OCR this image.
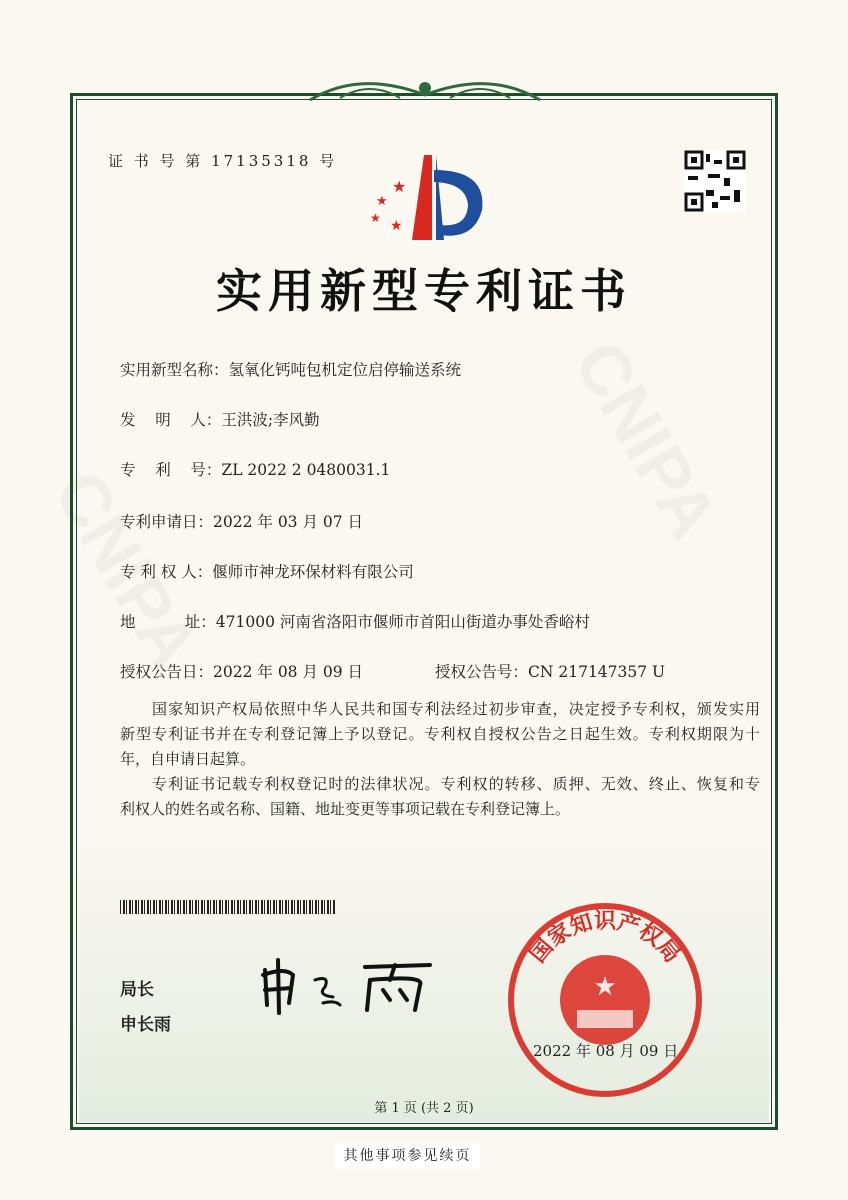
证 书 号 第 17135318 号
★
★
★ ★
实用新型专利证书
实用新型名称：氢氧化钙吨包机定位启停输送系统
发    明    人：王洪波;李风勤
专    利    号：ZL 2022 2 0480031.1
专利申请日：2022 年 03 月 07 日
专 利 权 人：偃师市神龙环保材料有限公司
地          址：471000 河南省洛阳市偃师市首阳山街道办事处香峪村
授权公告日：2022 年 08 月 09 日	授权公告号：CN 217147357 U
　　国家知识产权局依照中华人民共和国专利法经过初步审查，决定授予专利权，颁发实用
新型专利证书并在专利登记簿上予以登记。专利权自授权公告之日起生效。专利权期限为十
年，自申请日起算。
　　专利证书记载专利权登记时的法律状况。专利权的转移、质押、无效、终止、恢复和专
利权人的姓名或名称、国籍、地址变更等事项记载在专利登记簿上。
局长
申长雨
★
国家知识产权局
2022 年 08 月 09 日
第 1 页 (共 2 页)
其他事项参见续页
